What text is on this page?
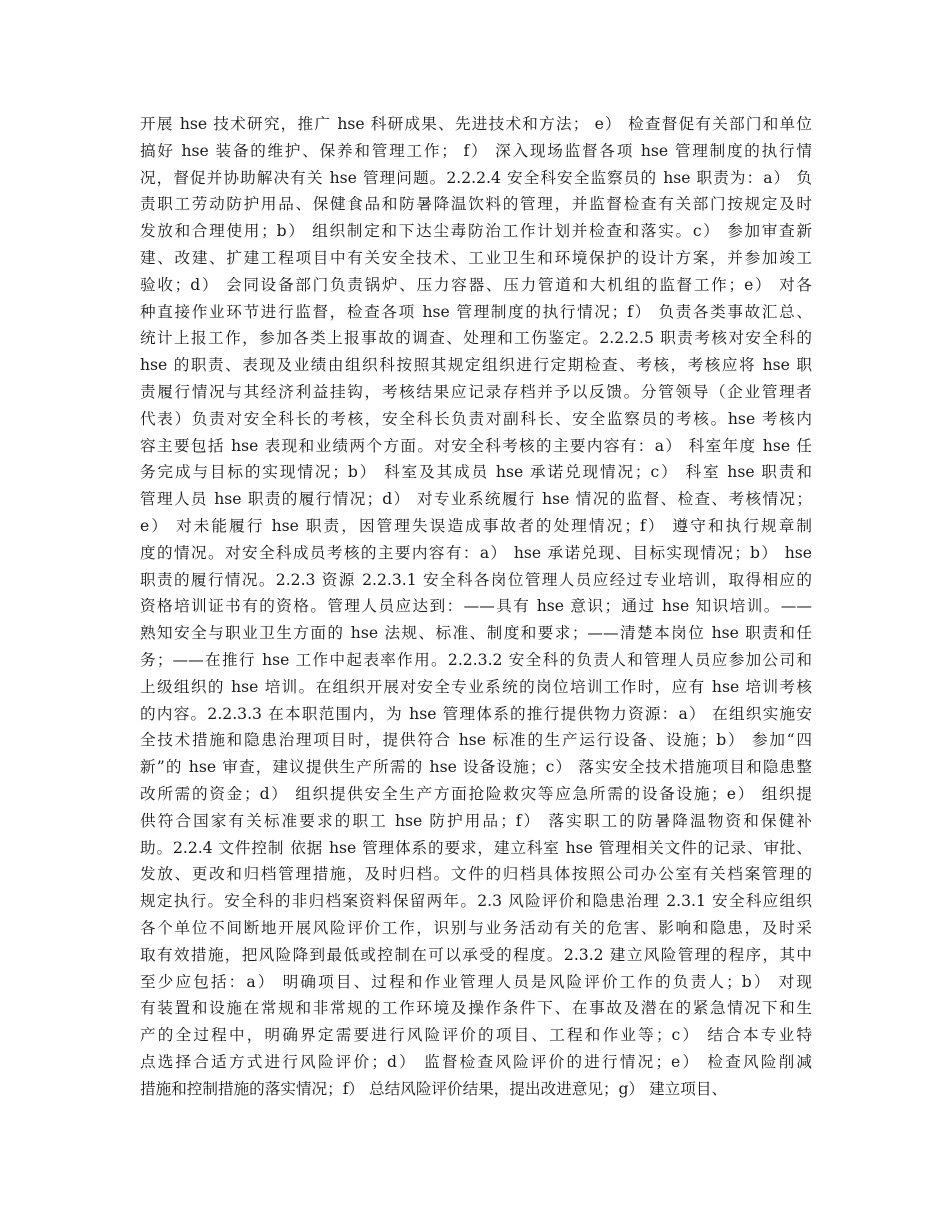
开展 hse 技术研究，推广 hse 科研成果、先进技术和方法； e） 检查督促有关部门和单位
搞好 hse 装备的维护、保养和管理工作； f） 深入现场监督各项 hse 管理制度的执行情
况，督促并协助解决有关 hse 管理问题。2.2.2.4 安全科安全监察员的 hse 职责为：a） 负
责职工劳动防护用品、保健食品和防暑降温饮料的管理，并监督检查有关部门按规定及时
发放和合理使用；b） 组织制定和下达尘毒防治工作计划并检查和落实。c） 参加审查新
建、改建、扩建工程项目中有关安全技术、工业卫生和环境保护的设计方案，并参加竣工
验收；d） 会同设备部门负责锅炉、压力容器、压力管道和大机组的监督工作；e） 对各
种直接作业环节进行监督，检查各项 hse 管理制度的执行情况；f） 负责各类事故汇总、
统计上报工作，参加各类上报事故的调查、处理和工伤鉴定。2.2.2.5 职责考核对安全科的
hse 的职责、表现及业绩由组织科按照其规定组织进行定期检查、考核，考核应将 hse 职
责履行情况与其经济利益挂钩，考核结果应记录存档并予以反馈。分管领导（企业管理者
代表）负责对安全科长的考核，安全科长负责对副科长、安全监察员的考核。hse 考核内
容主要包括 hse 表现和业绩两个方面。对安全科考核的主要内容有：a） 科室年度 hse 任
务完成与目标的实现情况；b） 科室及其成员 hse 承诺兑现情况；c） 科室 hse 职责和
管理人员 hse 职责的履行情况；d） 对专业系统履行 hse 情况的监督、检查、考核情况；
e） 对未能履行 hse 职责，因管理失误造成事故者的处理情况；f） 遵守和执行规章制
度的情况。对安全科成员考核的主要内容有：a） hse 承诺兑现、目标实现情况；b） hse
职责的履行情况。2.2.3 资源 2.2.3.1 安全科各岗位管理人员应经过专业培训，取得相应的
资格培训证书有的资格。管理人员应达到：——具有 hse 意识；通过 hse 知识培训。——
熟知安全与职业卫生方面的 hse 法规、标准、制度和要求；——清楚本岗位 hse 职责和任
务；——在推行 hse 工作中起表率作用。2.2.3.2 安全科的负责人和管理人员应参加公司和
上级组织的 hse 培训。在组织开展对安全专业系统的岗位培训工作时，应有 hse 培训考核
的内容。2.2.3.3 在本职范围内，为 hse 管理体系的推行提供物力资源：a） 在组织实施安
全技术措施和隐患治理项目时，提供符合 hse 标准的生产运行设备、设施；b） 参加“四
新”的 hse 审查，建议提供生产所需的 hse 设备设施；c） 落实安全技术措施项目和隐患整
改所需的资金；d） 组织提供安全生产方面抢险救灾等应急所需的设备设施；e） 组织提
供符合国家有关标准要求的职工 hse 防护用品；f） 落实职工的防暑降温物资和保健补
助。2.2.4 文件控制 依据 hse 管理体系的要求，建立科室 hse 管理相关文件的记录、审批、
发放、更改和归档管理措施，及时归档。文件的归档具体按照公司办公室有关档案管理的
规定执行。安全科的非归档案资料保留两年。2.3 风险评价和隐患治理 2.3.1 安全科应组织
各个单位不间断地开展风险评价工作，识别与业务活动有关的危害、影响和隐患，及时采
取有效措施，把风险降到最低或控制在可以承受的程度。2.3.2 建立风险管理的程序，其中
至少应包括：a） 明确项目、过程和作业管理人员是风险评价工作的负责人；b） 对现
有装置和设施在常规和非常规的工作环境及操作条件下、在事故及潜在的紧急情况下和生
产的全过程中，明确界定需要进行风险评价的项目、工程和作业等；c） 结合本专业特
点选择合适方式进行风险评价；d） 监督检查风险评价的进行情况；e） 检查风险削减
措施和控制措施的落实情况；f） 总结风险评价结果，提出改进意见；g） 建立项目、
